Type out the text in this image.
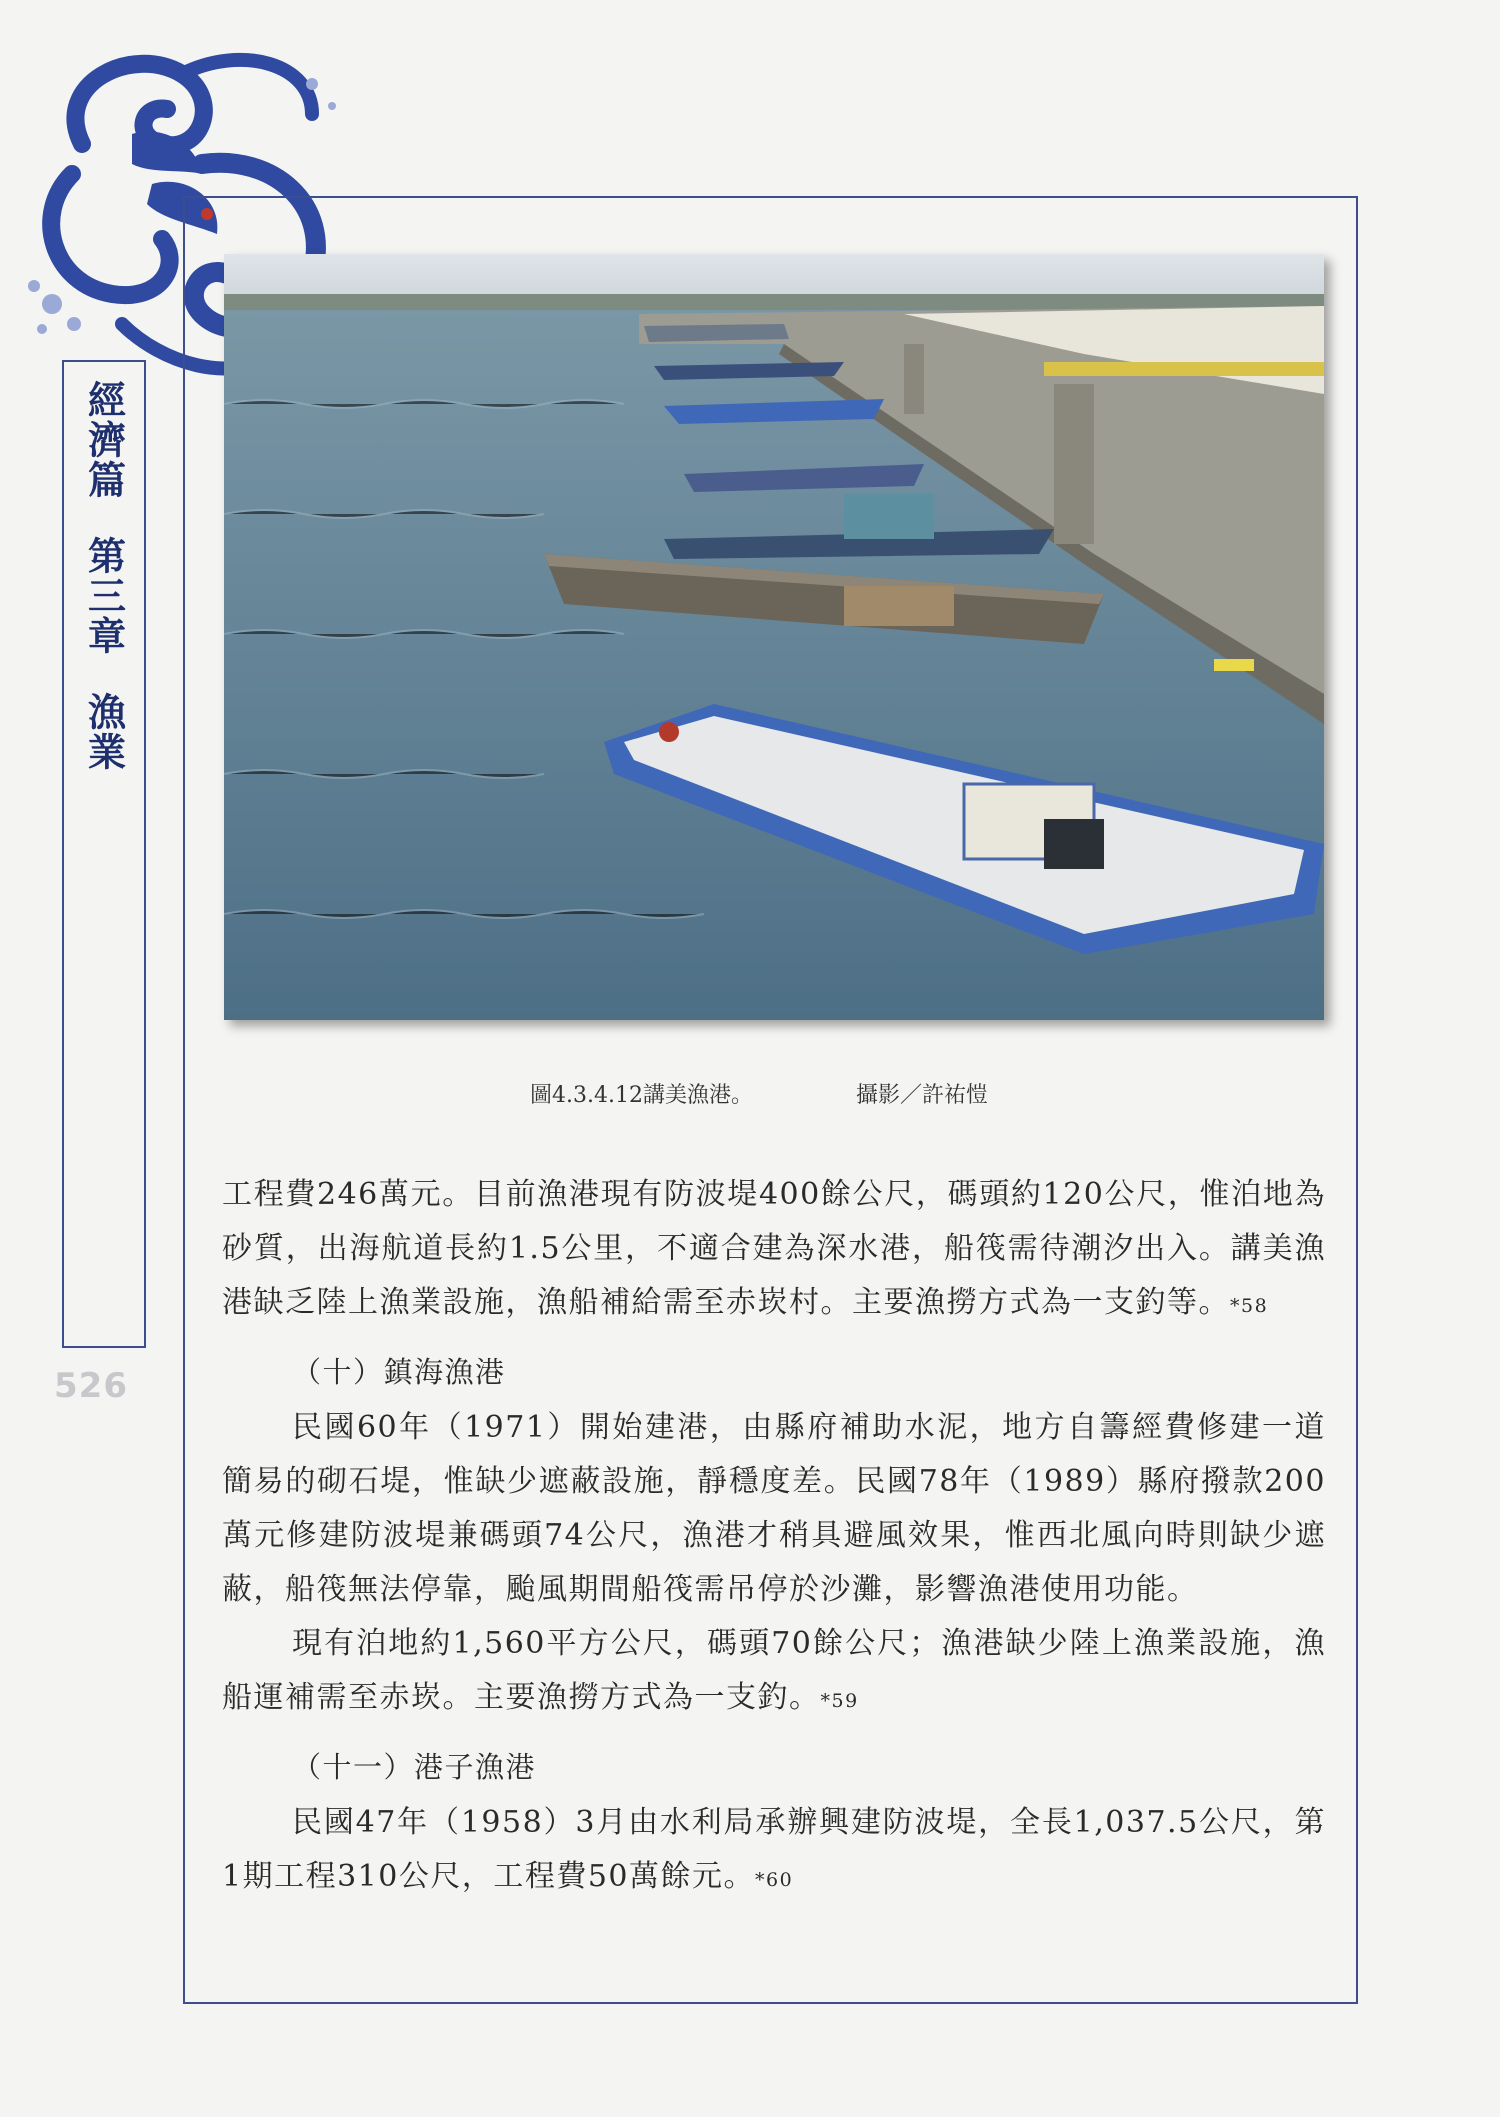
經濟篇第三章漁業
526
圖4.3.4.12講美漁港。	攝影／許祐愷

工程費246萬元。目前漁港現有防波堤400餘公尺，碼頭約120公尺，惟泊地為砂質，出海航道長約1.5公里，不適合建為深水港，船筏需待潮汐出入。講美漁港缺乏陸上漁業設施，漁船補給需至赤崁村。主要漁撈方式為一支釣等。*58

（十）鎮海漁港

民國60年（1971）開始建港，由縣府補助水泥，地方自籌經費修建一道簡易的砌石堤，惟缺少遮蔽設施，靜穩度差。民國78年（1989）縣府撥款200萬元修建防波堤兼碼頭74公尺，漁港才稍具避風效果，惟西北風向時則缺少遮蔽，船筏無法停靠，颱風期間船筏需吊停於沙灘，影響漁港使用功能。

現有泊地約1,560平方公尺，碼頭70餘公尺；漁港缺少陸上漁業設施，漁船運補需至赤崁。主要漁撈方式為一支釣。*59

（十一）港子漁港

民國47年（1958）3月由水利局承辦興建防波堤，全長1,037.5公尺，第1期工程310公尺，工程費50萬餘元。*60
